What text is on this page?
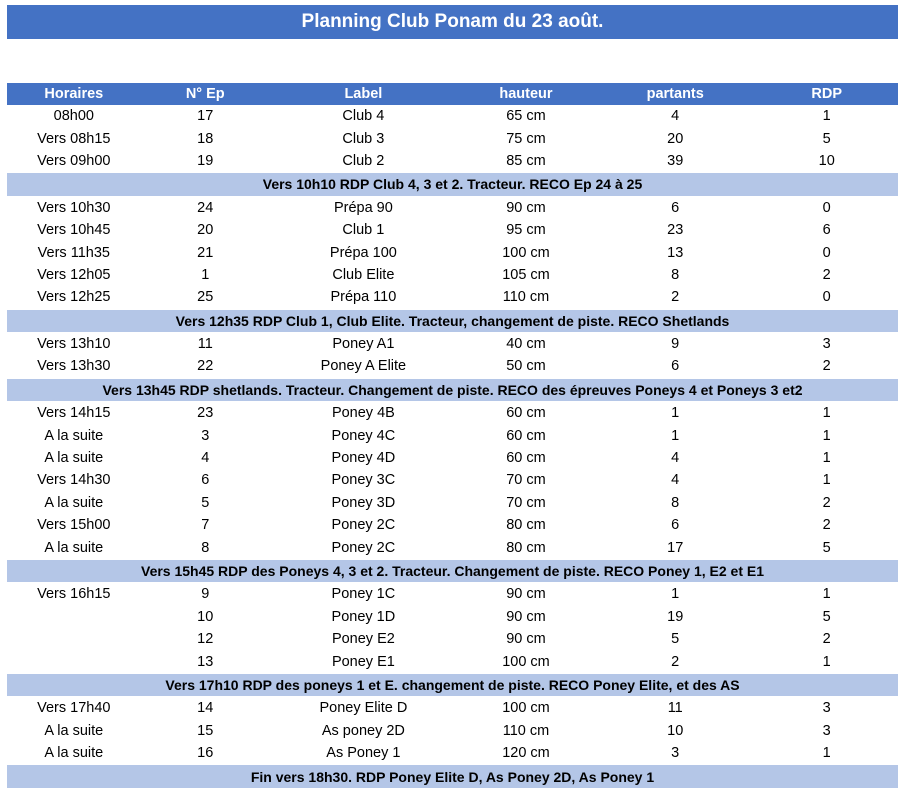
Planning Club Ponam du 23 août.
Horaires	N° Ep	Label	hauteur	partants	RDP
08h00	17	Club 4	65 cm	4	1
Vers 08h15	18	Club 3	75 cm	20	5
Vers 09h00	19	Club 2	85 cm	39	10
Vers 10h10 RDP Club 4, 3 et 2. Tracteur. RECO Ep 24 à 25					
Vers 10h30	24	Prépa 90	90 cm	6	0
Vers 10h45	20	Club 1	95 cm	23	6
Vers 11h35	21	Prépa 100	100 cm	13	0
Vers 12h05	1	Club Elite	105 cm	8	2
Vers 12h25	25	Prépa 110	110 cm	2	0
Vers 12h35 RDP Club 1, Club Elite. Tracteur, changement de piste. RECO Shetlands					
Vers 13h10	11	Poney A1	40 cm	9	3
Vers 13h30	22	Poney A Elite	50 cm	6	2
Vers 13h45 RDP shetlands. Tracteur. Changement de piste. RECO des épreuves Poneys 4 et Poneys 3 et2					
Vers 14h15	23	Poney 4B	60 cm	1	1
A la suite	3	Poney 4C	60 cm	1	1
A la suite	4	Poney 4D	60 cm	4	1
Vers 14h30	6	Poney 3C	70 cm	4	1
A la suite	5	Poney 3D	70 cm	8	2
Vers 15h00	7	Poney 2C	80 cm	6	2
A la suite	8	Poney 2C	80 cm	17	5
Vers 15h45 RDP des Poneys 4, 3 et 2. Tracteur. Changement de piste. RECO Poney 1, E2 et E1					
Vers 16h15	9	Poney 1C	90 cm	1	1
	10	Poney 1D	90 cm	19	5
	12	Poney E2	90 cm	5	2
	13	Poney E1	100 cm	2	1
Vers 17h10 RDP des poneys 1 et E. changement de piste. RECO Poney Elite, et des AS					
Vers 17h40	14	Poney Elite D	100 cm	11	3
A la suite	15	As poney 2D	110 cm	10	3
A la suite	16	As Poney 1	120 cm	3	1
Fin vers 18h30. RDP Poney Elite D, As Poney 2D, As Poney 1					
